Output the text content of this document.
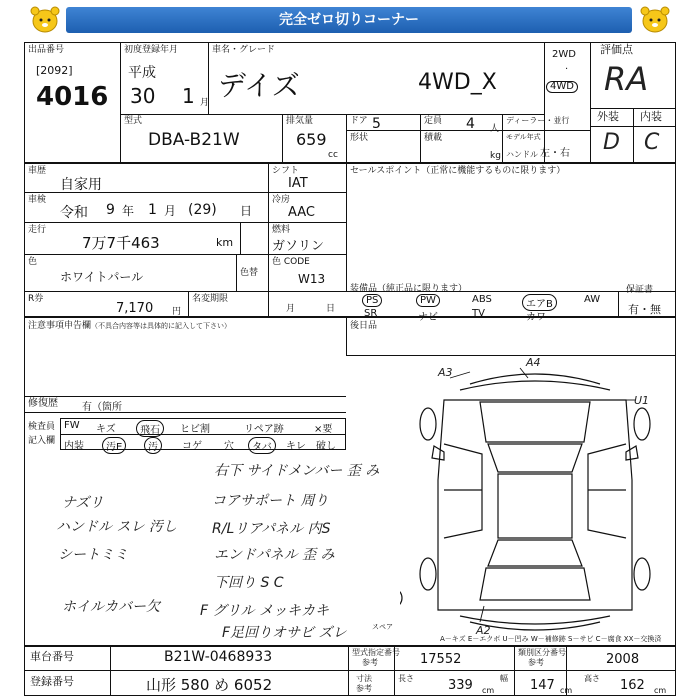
完全ゼロ切りコーナー
出品番号
[2092]
4016
初度登録年月
平成
30 1 月
車名・グレード
デイズ	4WD_X
2WD
·
4WD
評価点
RA
外装 内装
D C
型式
DBA-B21W
排気量
659
cc
ドア 5	定員 4 人
ディーラー・並行
形状	積載
kg
モデル年式
ハンドル 左・右
車歴
自家用
車検
令和 9 年 1 月 (29) 日
走行
7万7千463	km
シフト
IAT
冷房
AAC
燃料
ガソリン
色
ホワイトパール	色替
色 CODE
W13
セールスポイント（正常に機能するものに限ります）
R券
7,170 円
名変期限
月	日
装備品（純正品に限ります）
PS	PW	ABS	エアB	AW
SR	ナビ	TV	カワ
保証書
有・無
後日品
注意事項申告欄（不具合内容等は具体的に記入して下さい）
修復歴 有（箇所
検査員
記入欄
FW キズ	飛石	ヒビ割	リペア跡	×要
内装	汚E	汚	コゲ 穴	タバ	キレ 破し
ナズリ
ハンドル スレ 汚し
シートミミ
ホイルカバー欠
右下 サイドメンバー 歪 み
コアサポート 周り
R/Lリアパネル 内S
エンドパネル 歪 み
下回り S C
F グリル メッキカキ
F足回りオサビ ズレ
A3
A4
U1
A2
スペア
A－キズ E－エクボ U－凹み W－補修跡 S－サビ C－腐食 XX－交換済
車台番号	B21W-0468933
登録番号	山形 580 め 6052
型式指定番号
参考	17552	類別区分番号
参考	2008
寸法
参考
長さ	339 cm
幅 147 cm
高さ 162 cm
